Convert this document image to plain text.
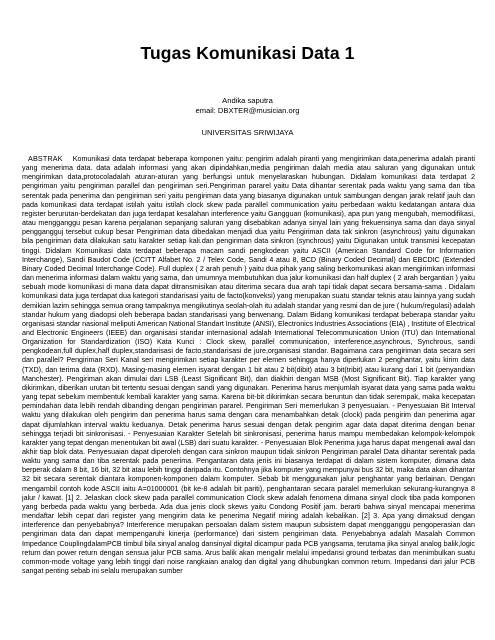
Tugas Komunikasi Data 1
Andika saputra
email: DBXTER@musician.org
UNIVERSITAS SRIWIJAYA
ABSTRAK Komunikasi data terdapat beberapa komponen yaitu: pengirim adalah piranti yang mengirimkan data,penerima adalah piranti yang menerima data. data adalah informasi yang akan dipindahkan,media pengiriman dalah media atau saluran yang digunakan untuk mengirimkan data,protocoladalah aturan-aturan yang berfungsi untuk menyelaraskan hubungan. Didalam komunikasi data terdapat 2 pengiriman yaitu pengiriman parallel dan pengiriman seri.Pengiriman pararel yaitu Data dihantar serentak pada waktu yang sama dan tiba serentak pada penerima dan pengiriman seri yaitu pengiriman data yang biasanya digunakan untuk sambungan dengan jarak relatif jauh dan pada komunikasi data terdapat istilah yaitu istilah clock skew pada parallel communication yaitu perbedaan waktu kedatangan antara dua register berurutan-berdekatan dan juga terdapat kesalahan interference yaitu Gangguan (komunikasi), apa pun yang mengubah, memodifikasi, atau mengganggu pesan karena perjalanan sepanjang saluran yang disebabkan adanya sinyal lain yang frekuensinya sama dan daya sinyal penggangguj tersebut cukup besar Pengiriman data dibedakan menjadi dua yaitu Pengiriman data tak sinkron (asynchrous) yaitu digunakan bila pengiriman data dilakukan satu karakter setiap kali.dan pengiriman data sinkron (synchrous) yaitu Digunakan untuk transmisi kecepatan tinggi. Didalam Komunikasi data terdapat beberapa macam sandi pengkodean yaitu ASCII (American Standard Code for Information Interchange), Sandi Baudot Code (CCITT Alfabet No. 2 / Telex Code, Sandi 4 atau 8, BCD (Binary Coded Decimal) dan EBCDIC (Extended Binary Coded Decimal Interchange Code). Full duplex ( 2 arah penuh ) yaitu dua pihak yang saling berkomunikasi akan mengirimkan informasi dan menerima informasi dalam waktu yang sama, dan umumnya membutuhkan dua jalur komunikasi dan half duplex ( 2 arah bergantian ) yaitu sebuah mode komunikasi di mana data dapat ditransmisikan atau diterima secara dua arah tapi tidak dapat secara bersama-sama . Didalam komunikasi data juga terdapat dua kategori standarisasi yaitu de facto(konveksi) yang merupakan suatu standar teknis atau lainnya yang sudah demikian lazim sehingga semua orang tampaknya mengikutinya seolah-olah itu adalah standar yang resmi dan de jure ( hukum/regulasi) adalah standar hukum yang diadopsi oleh beberapa badan standarisasi yang berwenang. Dalam Bidang komunikasi terdapat beberapa standar yaitu organisasi standar nasional meliputi American National Standart Institute (ANSI), Electronics Industries Associations (EIA) , Institute of Electrical and Electronic Engineers (IEEE) dan organisasi standar internasional adalah International Telecommunication Union (ITU) dan International Organization for Standardization (ISO) Kata Kunci : Clock skew, parallel communication, interference,asynchrous, Synchrous, sandi pengkodean,full duplex,half duplex,standarisasi de facto,standarisasi de jure,organisasi standar. Bagaimana cara pengiriman data secara seri dan parallel? Pengiriman Seri Kanal seri mengirimkan setiap karakter per elemen sehingga hanya diperlukan 2 penghantar, yaitu kirim data (TXD), dan terima data (RXD). Masing-masing elemen isyarat dengan 1 bit atau 2 bit(dibit) atau 3 bit(tribit) atau kurang dari 1 bit (penyandian Manchester). Pengiriman akan dimulai dari LSB (Least Significant Bit), dan diakhiri dengan MSB (Most Significant Bit). Tiap karakter yang dikirimkan, diberikan urutan bit tertentu sesuai dengan sandi yang digunakan. Penerima harus menjumlah isyarat data yang sama pada waktu yang tepat sebelum membentuk kembali karakter yang sama. Karena bit-bit dikirimkan secara beruntun dan tidak serempak, maka kecepatan pemindahan data lebih rendah dibanding dengan pengiriman pararel. Pengiriman Seri memerlukan 3 penyesuaian. - Penyesuaian Bit Interval waktu yang dilakukan oleh pengirim dan penerima harus sama dengan cara menambahkan detak (clock) pada pengirim dan penerima agar dapat dijumlahkan interval waktu keduanya. Detak penerima harus sesuai dengan detak pengirim agar data dapat diterima dengan benar sehingga terjadi bit sinkronisasi. - Penyesuaian Karakter Setelah bit sinkronisasi, penerima harus mampu membedakan kelompok-kelompok karakter yang tepat dengan menentukan bit awal (LSB) dari suatu karakter. - Penyesuaian Blok Penerima juga harus dapat mengenali awal dan akhir tiap blok data. Penyesuaian dapat diperoleh dengan cara sinkron maupun tidak sinkron Pengiriman paralel Data dihantar serentak pada waktu yang sama dan tiba serentak pada penerima. Pengantaran data jenis ini biasanya terdapat di dalam sistem komputer, dimana data berperak dalam 8 bit, 16 bit, 32 bit atau lebih tinggi daripada itu. Contohnya jika komputer yang mempunyai bus 32 bit, maka data akan dihantar 32 bit secara serentak diantara komponen-komponen dalam komputer. Sebab bit menggunakan jalur penghantar yang berlainan. Dengan mengambil contoh kode ASCII iaitu A=01000001 (bit ke-8 adalah bit pariti), penghantaran secara paralel memerlukan sekurang-kurangnya 8 jalur / kawat. [1] 2. Jelaskan clock skew pada parallel communication Clock skew adalah fenomena dimana sinyal clock tiba pada komponen yang berbeda pada waktu yang berbeda. Ada dua jenis clock skews yaitu Condong Positif jam. berarti bahwa sinyal mencapai menerima mendaftar lebih cepat dari register yang mengirim data ke penerima Negatif miring adalah kebalikan. [2] 3. Apa yang dimaksud dengan interference dan penyebabnya? Interference merupakan persoalan dalam sistem maupun subsistem dapat mengganggu pengoperasian dan pengiriman data dan dapat mempengaruhi kinerja (performance) dari sistem pengiriman data. Penyebabnya adalah Masalah Common Impedance CouplingdalamPCB timbul bila sinyal analog dansinyal digital dicampur pada PCB yangsama, terutama jika sinyal analog balik,logic return dan power return dengan sensua jalur PCB sama. Arus balik akan mengalir melalui impedansi ground terbatas dan menimbulkan suatu common-mode voltage yang lebih tinggi dari noise rangkaian analog dan digital yang dihubungkan common return. Impedansi dari jalur PCB sangat penting sebab ini selalu merupakan sumber
